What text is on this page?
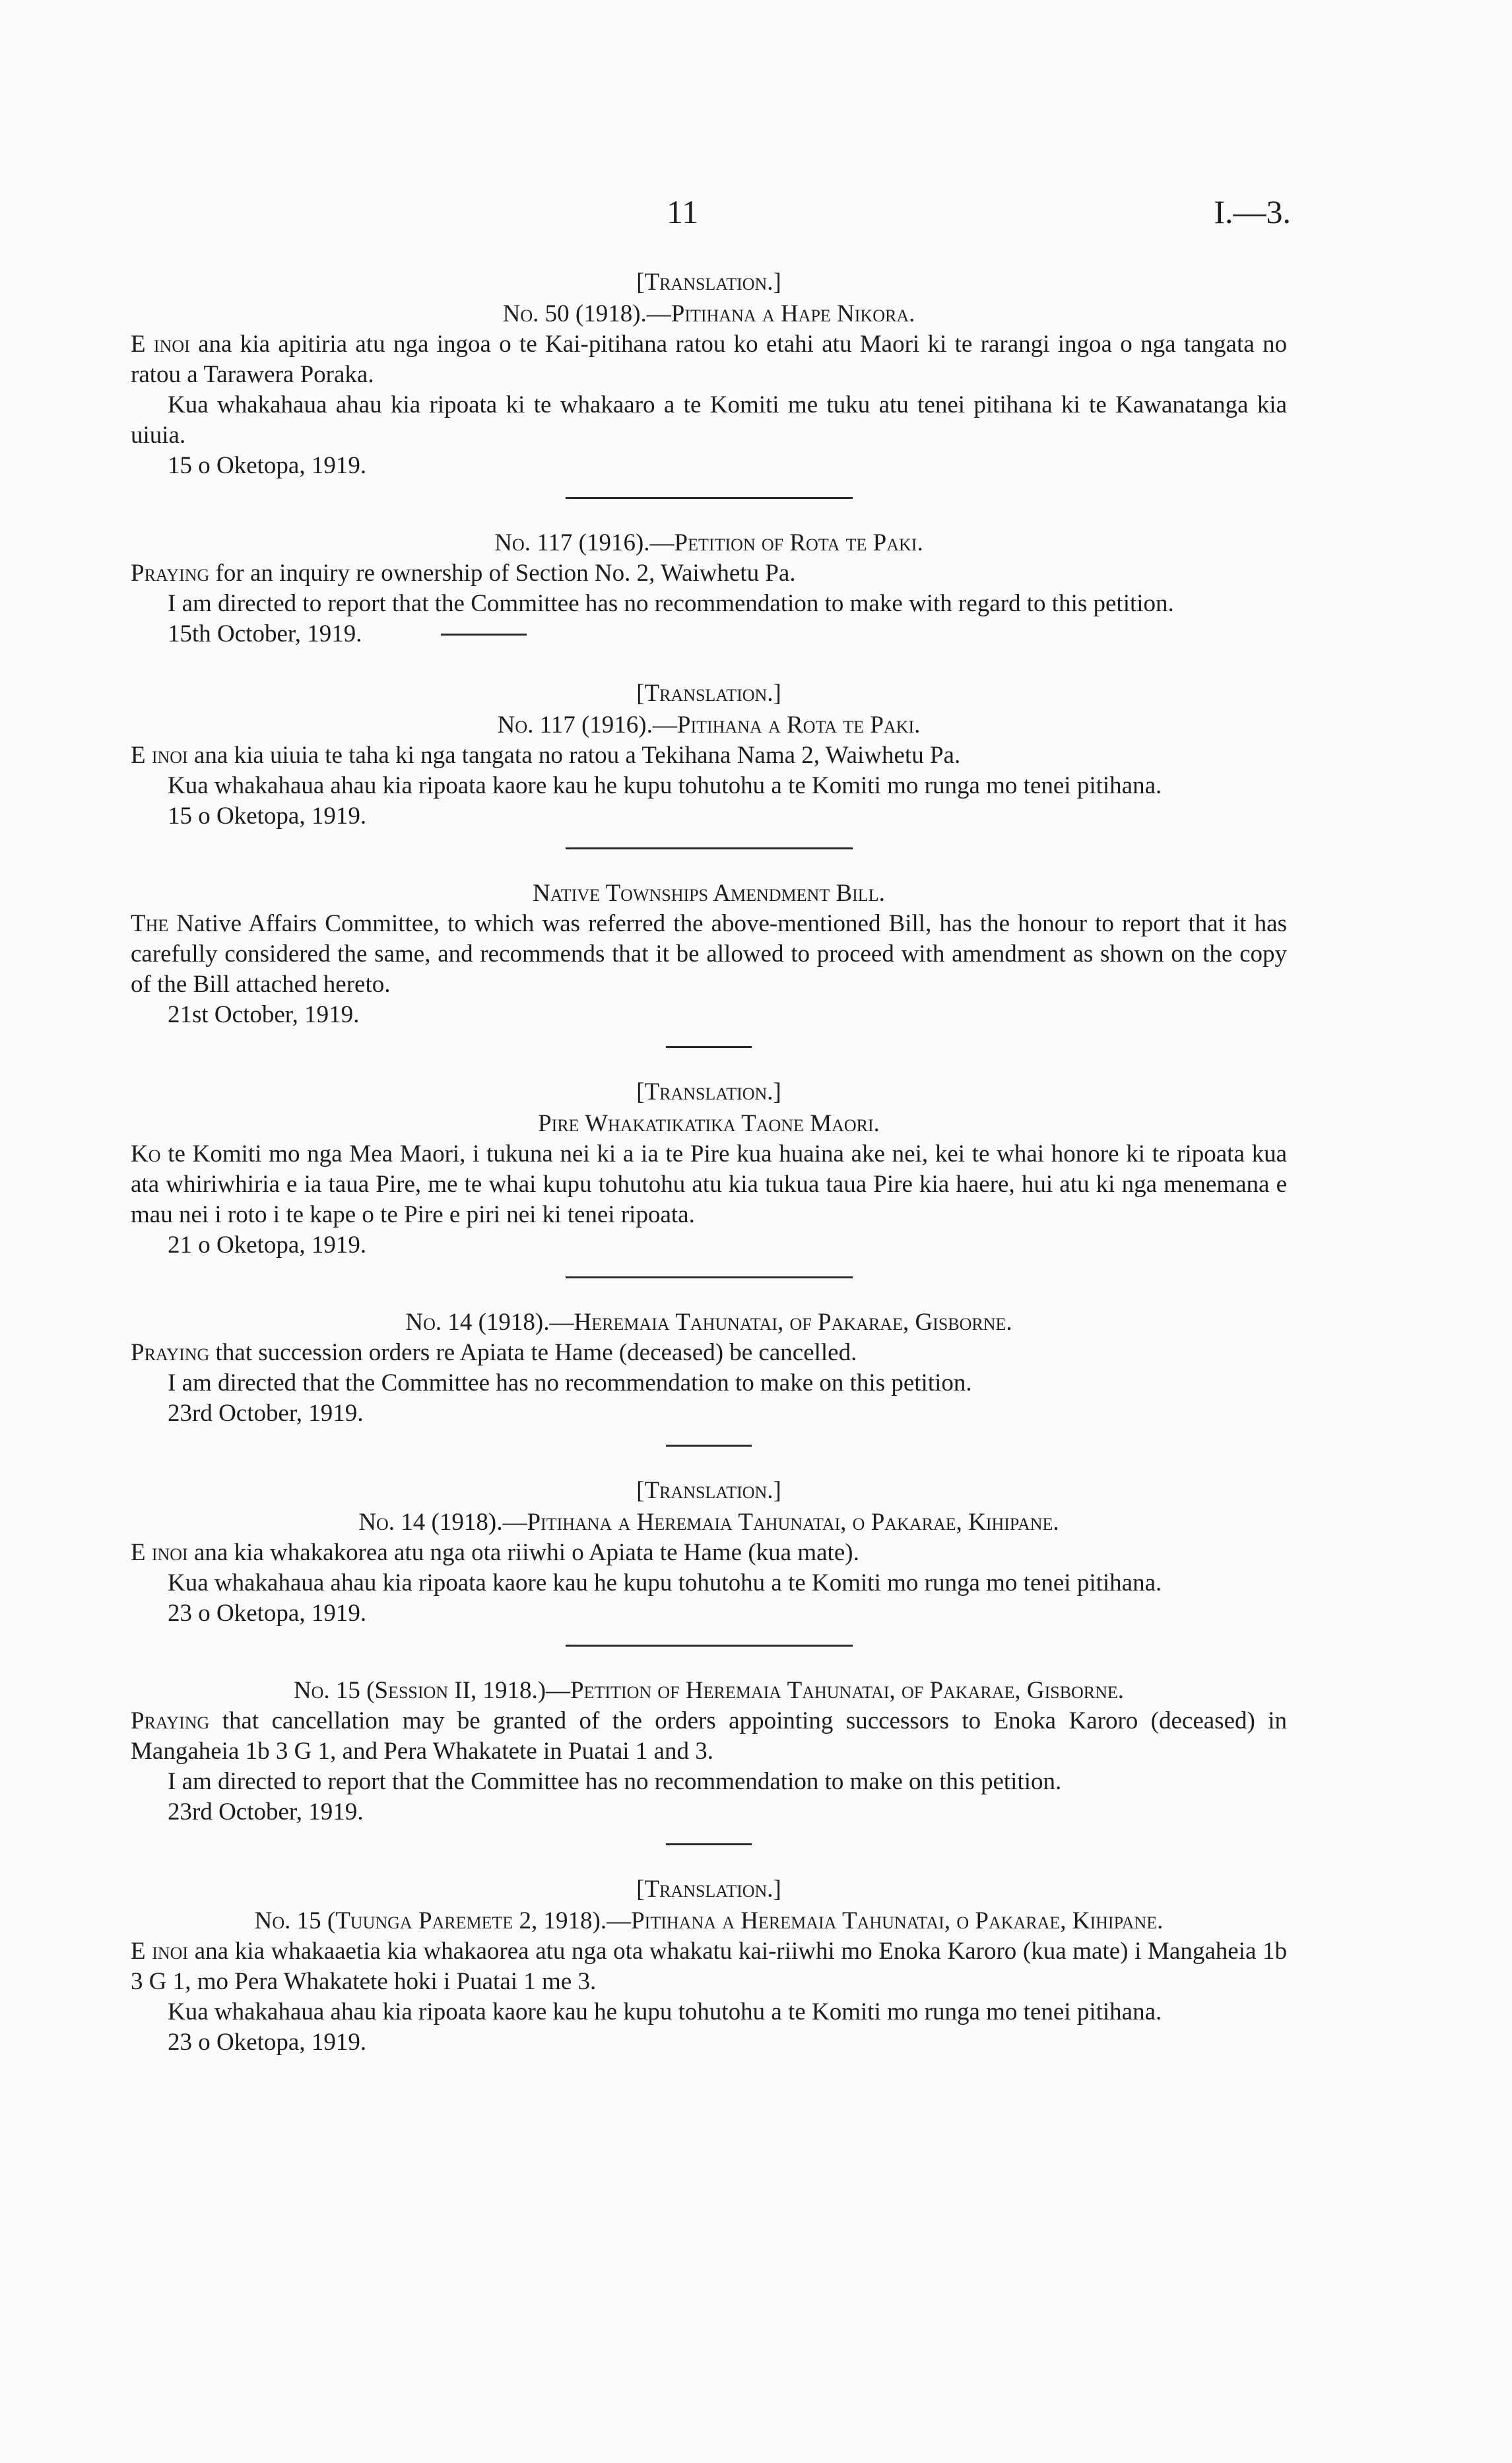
11	I.—3.
[Translation.]
No. 50 (1918).—Pitihana a Hape Nikora.

E inoi ana kia apitiria atu nga ingoa o te Kai-pitihana ratou ko etahi atu Maori ki te rarangi ingoa o nga tangata no ratou a Tarawera Poraka.

Kua whakahaua ahau kia ripoata ki te whakaaro a te Komiti me tuku atu tenei pitihana ki te Kawanatanga kia uiuia.

15 o Oketopa, 1919.

No. 117 (1916).—Petition of Rota te Paki.

Praying for an inquiry re ownership of Section No. 2, Waiwhetu Pa.

I am directed to report that the Committee has no recommendation to make with regard to this petition.

15th October, 1919.

[Translation.]
No. 117 (1916).—Pitihana a Rota te Paki.

E inoi ana kia uiuia te taha ki nga tangata no ratou a Tekihana Nama 2, Waiwhetu Pa.

Kua whakahaua ahau kia ripoata kaore kau he kupu tohutohu a te Komiti mo runga mo tenei pitihana.

15 o Oketopa, 1919.

Native Townships Amendment Bill.

The Native Affairs Committee, to which was referred the above-mentioned Bill, has the honour to report that it has carefully considered the same, and recommends that it be allowed to proceed with amendment as shown on the copy of the Bill attached hereto.

21st October, 1919.

[Translation.]
Pire Whakatikatika Taone Maori.

Ko te Komiti mo nga Mea Maori, i tukuna nei ki a ia te Pire kua huaina ake nei, kei te whai honore ki te ripoata kua ata whiriwhiria e ia taua Pire, me te whai kupu tohutohu atu kia tukua taua Pire kia haere, hui atu ki nga menemana e mau nei i roto i te kape o te Pire e piri nei ki tenei ripoata.

21 o Oketopa, 1919.

No. 14 (1918).—Heremaia Tahunatai, of Pakarae, Gisborne.

Praying that succession orders re Apiata te Hame (deceased) be cancelled.

I am directed that the Committee has no recommendation to make on this petition.

23rd October, 1919.

[Translation.]
No. 14 (1918).—Pitihana a Heremaia Tahunatai, o Pakarae, Kihipane.

E inoi ana kia whakakorea atu nga ota riiwhi o Apiata te Hame (kua mate).

Kua whakahaua ahau kia ripoata kaore kau he kupu tohutohu a te Komiti mo runga mo tenei pitihana.

23 o Oketopa, 1919.

No. 15 (Session II, 1918.)—Petition of Heremaia Tahunatai, of Pakarae, Gisborne.

Praying that cancellation may be granted of the orders appointing successors to Enoka Karoro (deceased) in Mangaheia 1b 3 G 1, and Pera Whakatete in Puatai 1 and 3.

I am directed to report that the Committee has no recommendation to make on this petition.

23rd October, 1919.

[Translation.]
No. 15 (Tuunga Paremete 2, 1918).—Pitihana a Heremaia Tahunatai, o Pakarae, Kihipane.

E inoi ana kia whakaaetia kia whakaorea atu nga ota whakatu kai-riiwhi mo Enoka Karoro (kua mate) i Mangaheia 1b 3 G 1, mo Pera Whakatete hoki i Puatai 1 me 3.

Kua whakahaua ahau kia ripoata kaore kau he kupu tohutohu a te Komiti mo runga mo tenei pitihana.

23 o Oketopa, 1919.
